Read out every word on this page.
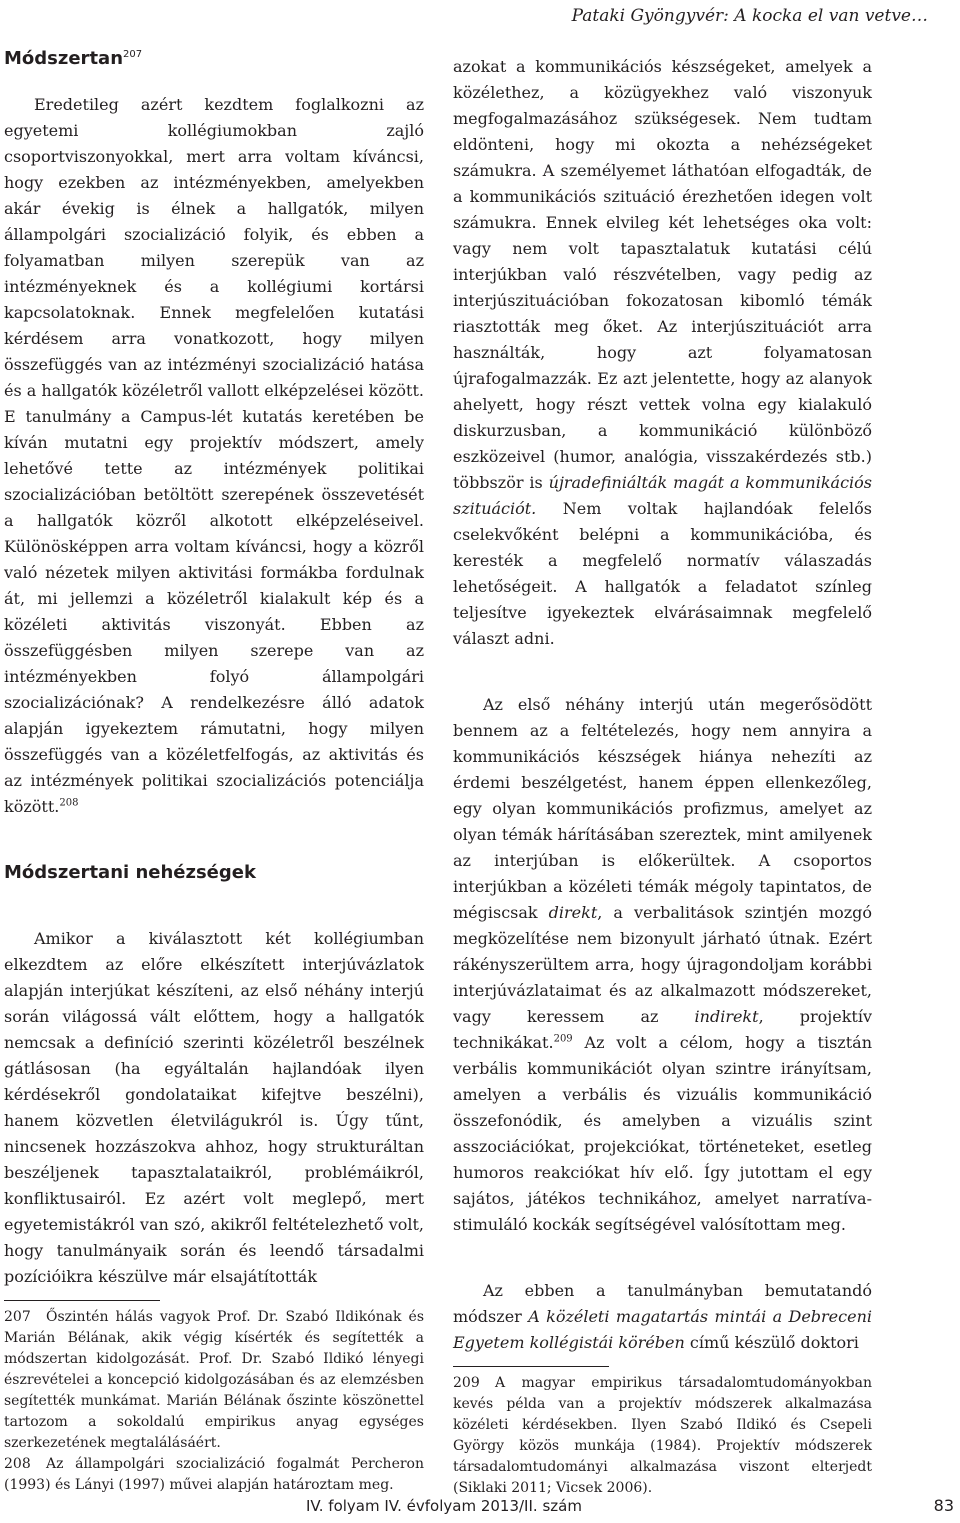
Pataki Gyöngyvér: A kocka el van vetve…
Módszertan$^{207}$

Eredetileg azért kezdtem foglalkozni az egyetemi kollégiumokban zajló csoportviszonyokkal, mert arra voltam kíváncsi, hogy ezekben az intézményekben, amelyekben akár évekig is élnek a hallgatók, milyen állampolgári szocializáció folyik, és ebben a folyamatban milyen szerepük van az intézményeknek és a kollégiumi kortársi kapcsolatoknak. Ennek megfelelően kutatási kérdésem arra vonatkozott, hogy milyen összefüggés van az intézményi szocializáció hatása és a hallgatók közéletről vallott elképzelései között. E tanulmány a Campus-lét kutatás keretében be kíván mutatni egy projektív módszert, amely lehetővé tette az intézmények politikai szocializációban betöltött szerepének összevetését a hallgatók közről alkotott elképzeléseivel. Különösképpen arra voltam kíváncsi, hogy a közről való nézetek milyen aktivitási formákba fordulnak át, mi jellemzi a közéletről kialakult kép és a közéleti aktivitás viszonyát. Ebben az összefüggésben milyen szerepe van az intézményekben folyó állampolgári szocializációnak? A rendelkezésre álló adatok alapján igyekeztem rámutatni, hogy milyen összefüggés van a közéletfelfogás, az aktivitás és az intézmények politikai szocializációs potenciálja között.$^{208}$

Módszertani nehézségek

Amikor a kiválasztott két kollégiumban elkezdtem az előre elkészített interjúvázlatok alapján interjúkat készíteni, az első néhány interjú során világossá vált előttem, hogy a hallgatók nemcsak a definíció szerinti közéletről beszélnek gátlásosan (ha egyáltalán hajlandóak ilyen kérdésekről gondolataikat kifejtve beszélni), hanem közvetlen életvilágukról is. Úgy tűnt, nincsenek hozzászokva ahhoz, hogy strukturáltan beszéljenek tapasztalataikról, problémáikról, konfliktusairól. Ez azért volt meglepő, mert egyetemistákról van szó, akikről feltételezhető volt, hogy tanulmányaik során és leendő társadalmi pozícióikra készülve már elsajátították

207 Őszintén hálás vagyok Prof. Dr. Szabó Ildikónak és Marián Bélának, akik végig kísérték és segítették a módszertan kidolgozását. Prof. Dr. Szabó Ildikó lényegi észrevételei a koncepció kidolgozásában és az elemzésben segítették munkámat. Marián Bélának őszinte köszönettel tartozom a sokoldalú empirikus anyag egységes szerkezetének megtalálásáért.

208 Az állampolgári szocializáció fogalmát Percheron (1993) és Lányi (1997) művei alapján határoztam meg.

azokat a kommunikációs készségeket, amelyek a közélethez, a közügyekhez való viszonyuk megfogalmazásához szükségesek. Nem tudtam eldönteni, hogy mi okozta a nehézségeket számukra. A személyemet láthatóan elfogadták, de a kommunikációs szituáció érezhetően idegen volt számukra. Ennek elvileg két lehetséges oka volt: vagy nem volt tapasztalatuk kutatási célú interjúkban való részvételben, vagy pedig az interjúszituációban fokozatosan kibomló témák riasztották meg őket. Az interjúszituációt arra használták, hogy azt folyamatosan újrafogalmazzák. Ez azt jelentette, hogy az alanyok ahelyett, hogy részt vettek volna egy kialakuló diskurzusban, a kommunikáció különböző eszközeivel (humor, analógia, visszakérdezés stb.) többször is újradefiniálták magát a kommunikációs szituációt. Nem voltak hajlandóak felelős cselekvőként belépni a kommunikációba, és keresték a megfelelő normatív válaszadás lehetőségeit. A hallgatók a feladatot színleg teljesítve igyekeztek elvárásaimnak megfelelő választ adni.

Az első néhány interjú után megerősödött bennem az a feltételezés, hogy nem annyira a kommunikációs készségek hiánya nehezíti az érdemi beszélgetést, hanem éppen ellenkezőleg, egy olyan kommunikációs profizmus, amelyet az olyan témák hárításában szereztek, mint amilyenek az interjúban is előkerültek. A csoportos interjúkban a közéleti témák mégoly tapintatos, de mégiscsak direkt, a verbalitások szintjén mozgó megközelítése nem bizonyult járható útnak. Ezért rákényszerültem arra, hogy újragondoljam korábbi interjúvázlataimat és az alkalmazott módszereket, vagy keressem az indirekt, projektív technikákat.$^{209}$ Az volt a célom, hogy a tisztán verbális kommunikációt olyan szintre irányítsam, amelyen a verbális és vizuális kommunikáció összefonódik, és amelyben a vizuális szint asszociációkat, projekciókat, történeteket, esetleg humoros reakciókat hív elő. Így jutottam el egy sajátos, játékos technikához, amelyet narratíva-stimuláló kockák segítségével valósítottam meg.

Az ebben a tanulmányban bemutatandó módszer A közéleti magatartás mintái a Debreceni Egyetem kollégistái körében című készülő doktori

209 A magyar empirikus társadalomtudományokban kevés példa van a projektív módszerek alkalmazása közéleti kérdésekben. Ilyen Szabó Ildikó és Csepeli György közös munkája (1984). Projektív módszerek társadalomtudományi alkalmazása viszont elterjedt (Siklaki 2011; Vicsek 2006).

IV. folyam IV. évfolyam 2013/II. szám	83
